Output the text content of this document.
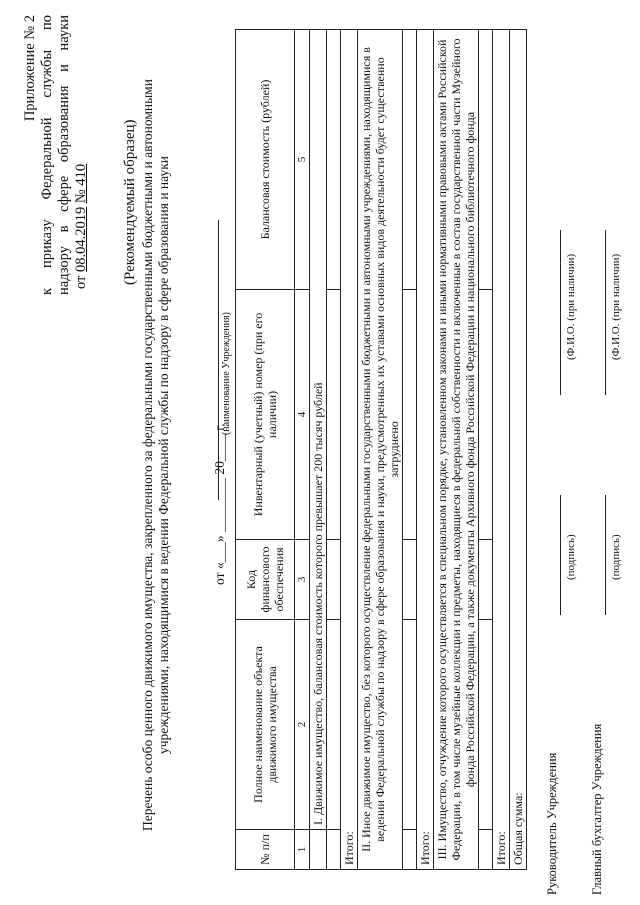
Приложение № 2 к приказу Федеральной службы по надзору в сфере образования и науки от 08.04.2019 № 410 (Рекомендуемый образец) Перечень особо ценного движимого имущества, закрепленного за федеральными государственными бюджетными и автономными учреждениями, находящимися в ведении Федеральной службы по надзору в сфере образования и науки	(наименование Учреждения)
от «___» ________ 20____ г.
№ п/п	Полное наименование объекта движимого имущества	Код финансового обеспечения	Инвентарный (учетный) номер (при его наличии)	Балансовая стоимость (рублей)
1	2	3	4	5
	I. Движимое имущество, балансовая стоимость которого превышает 200 тысяч рублей			

Итого:				
II. Иное движимое имущество, без которого осуществление федеральными государственными бюджетными и автономными учреждениями, находящимися в ведении Федеральной службы по надзору в сфере образования и науки, предусмотренных их уставами основных видов деятельности будет существенно затруднено				

Итого:				
III. Имущество, отчуждение которого осуществляется в специальном порядке, установленном законами и иными нормативными правовыми актами Российской Федерации, в том числе музейные коллекции и предметы, находящиеся в федеральной собственности и включенные в состав государственной части Музейного фонда Российской Федерации, а также документы Архивного фонда Российской Федерации и национального библиотечного фонда				

Итого:				
Общая сумма:				Руководитель Учреждения
(подпись)
(Ф.И.О. (при наличии)
Главный бухгалтер Учреждения
(подпись)
(Ф.И.О. (при наличии)
